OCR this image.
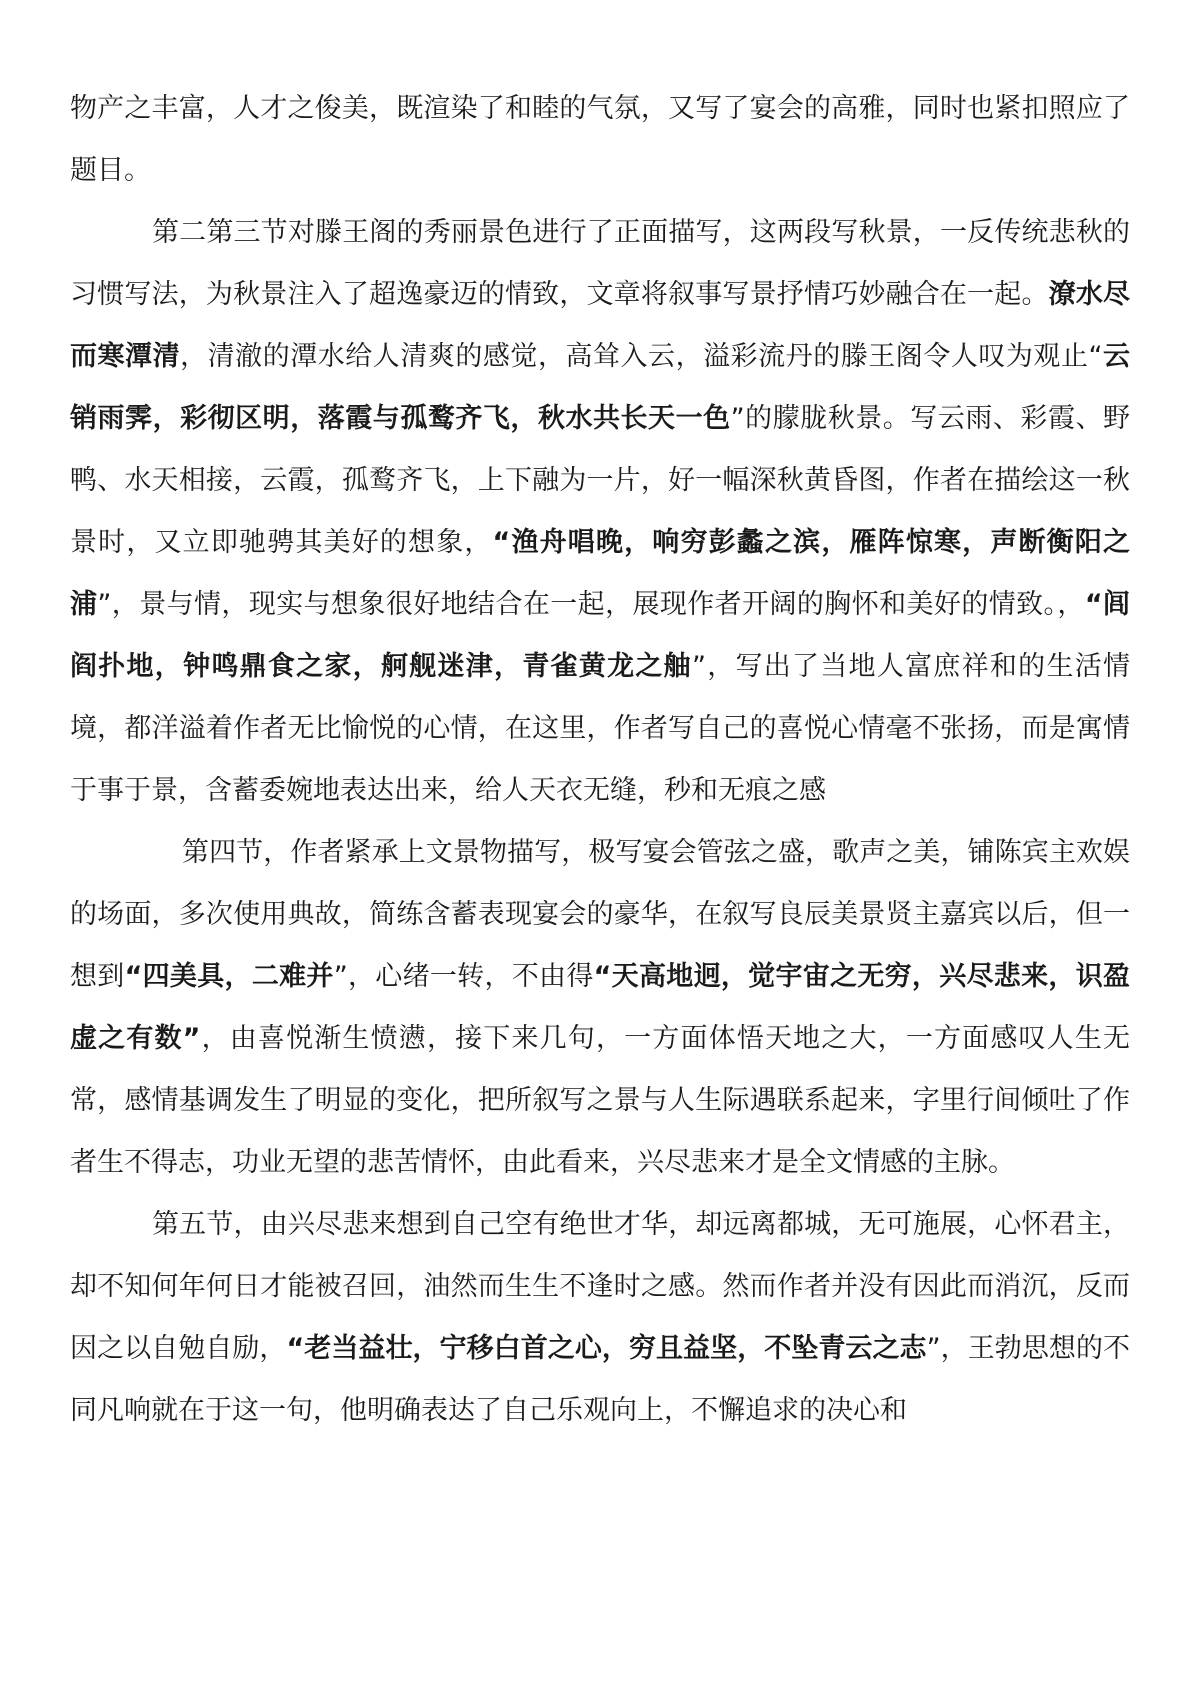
物产之丰富，人才之俊美，既渲染了和睦的气氛，又写了宴会的高雅，同时也紧扣照应了题目。

第二第三节对滕王阁的秀丽景色进行了正面描写，这两段写秋景，一反传统悲秋的习惯写法，为秋景注入了超逸豪迈的情致，文章将叙事写景抒情巧妙融合在一起。潦水尽而寒潭清，清澈的潭水给人清爽的感觉，高耸入云，溢彩流丹的滕王阁令人叹为观止“云销雨霁，彩彻区明，落霞与孤鹜齐飞，秋水共长天一色”的朦胧秋景。写云雨、彩霞、野鸭、水天相接，云霞，孤鹜齐飞，上下融为一片，好一幅深秋黄昏图，作者在描绘这一秋景时，又立即驰骋其美好的想象，“渔舟唱晚，响穷彭蠡之滨，雁阵惊寒，声断衡阳之浦”，景与情，现实与想象很好地结合在一起，展现作者开阔的胸怀和美好的情致。，“闾阎扑地，钟鸣鼎食之家，舸舰迷津，青雀黄龙之舳”，写出了当地人富庶祥和的生活情境，都洋溢着作者无比愉悦的心情，在这里，作者写自己的喜悦心情毫不张扬，而是寓情于事于景，含蓄委婉地表达出来，给人天衣无缝，秒和无痕之感

第四节，作者紧承上文景物描写，极写宴会管弦之盛，歌声之美，铺陈宾主欢娱的场面，多次使用典故，简练含蓄表现宴会的豪华，在叙写良辰美景贤主嘉宾以后，但一想到“四美具，二难并”，心绪一转，不由得“天高地迥，觉宇宙之无穷，兴尽悲来，识盈虚之有数”，由喜悦渐生愤懑，接下来几句，一方面体悟天地之大，一方面感叹人生无常，感情基调发生了明显的变化，把所叙写之景与人生际遇联系起来，字里行间倾吐了作者生不得志，功业无望的悲苦情怀，由此看来，兴尽悲来才是全文情感的主脉。

第五节，由兴尽悲来想到自己空有绝世才华，却远离都城，无可施展，心怀君主，却不知何年何日才能被召回，油然而生生不逢时之感。然而作者并没有因此而消沉，反而因之以自勉自励，“老当益壮，宁移白首之心，穷且益坚，不坠青云之志”，王勃思想的不同凡响就在于这一句，他明确表达了自己乐观向上，不懈追求的决心和
